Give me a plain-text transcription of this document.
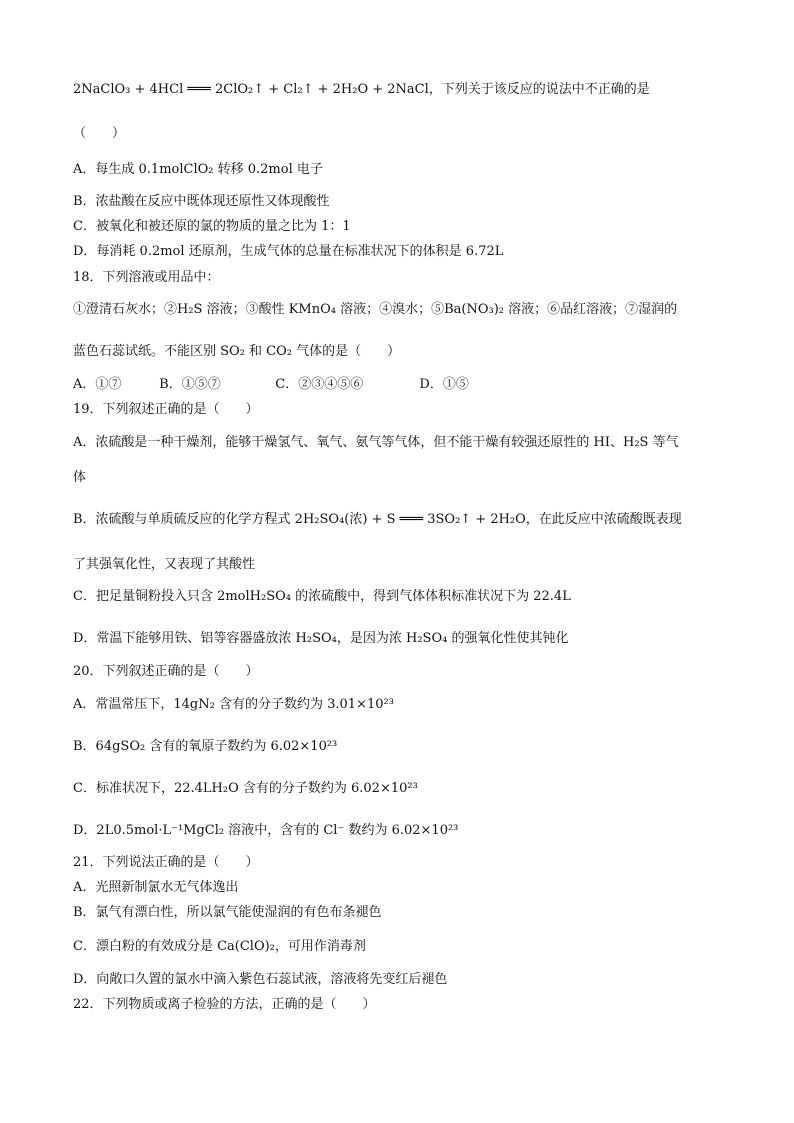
2NaClO₃ + 4HCl ═══ 2ClO₂↑ + Cl₂↑ + 2H₂O + 2NaCl，下列关于该反应的说法中不正确的是
（　　）
A．每生成 0.1molClO₂ 转移 0.2mol 电子
B．浓盐酸在反应中既体现还原性又体现酸性
C．被氧化和被还原的氯的物质的量之比为 1：1
D．每消耗 0.2mol 还原剂，生成气体的总量在标准状况下的体积是 6.72L
18．下列溶液或用品中：
①澄清石灰水；②H₂S 溶液；③酸性 KMnO₄ 溶液；④溴水；⑤Ba(NO₃)₂ 溶液；⑥品红溶液；⑦湿润的
蓝色石蕊试纸。不能区别 SO₂ 和 CO₂ 气体的是（　　）
A．①⑦	B．①⑤⑦	C．②③④⑤⑥	D．①⑤
19．下列叙述正确的是（　　）
A．浓硫酸是一种干燥剂，能够干燥氢气、氧气、氨气等气体，但不能干燥有较强还原性的 HI、H₂S 等气
体
B．浓硫酸与单质硫反应的化学方程式 2H₂SO₄(浓) + S ═══ 3SO₂↑ + 2H₂O，在此反应中浓硫酸既表现
了其强氧化性，又表现了其酸性
C．把足量铜粉投入只含 2molH₂SO₄ 的浓硫酸中，得到气体体积标准状况下为 22.4L
D．常温下能够用铁、铝等容器盛放浓 H₂SO₄，是因为浓 H₂SO₄ 的强氧化性使其钝化
20．下列叙述正确的是（　　）
A．常温常压下，14gN₂ 含有的分子数约为 3.01×10²³
B．64gSO₂ 含有的氧原子数约为 6.02×10²³
C．标准状况下，22.4LH₂O 含有的分子数约为 6.02×10²³
D．2L0.5mol·L⁻¹MgCl₂ 溶液中，含有的 Cl⁻ 数约为 6.02×10²³
21．下列说法正确的是（　　）
A．光照新制氯水无气体逸出
B．氯气有漂白性，所以氯气能使湿润的有色布条褪色
C．漂白粉的有效成分是 Ca(ClO)₂，可用作消毒剂
D．向敞口久置的氯水中滴入紫色石蕊试液，溶液将先变红后褪色
22．下列物质或离子检验的方法，正确的是（　　）
